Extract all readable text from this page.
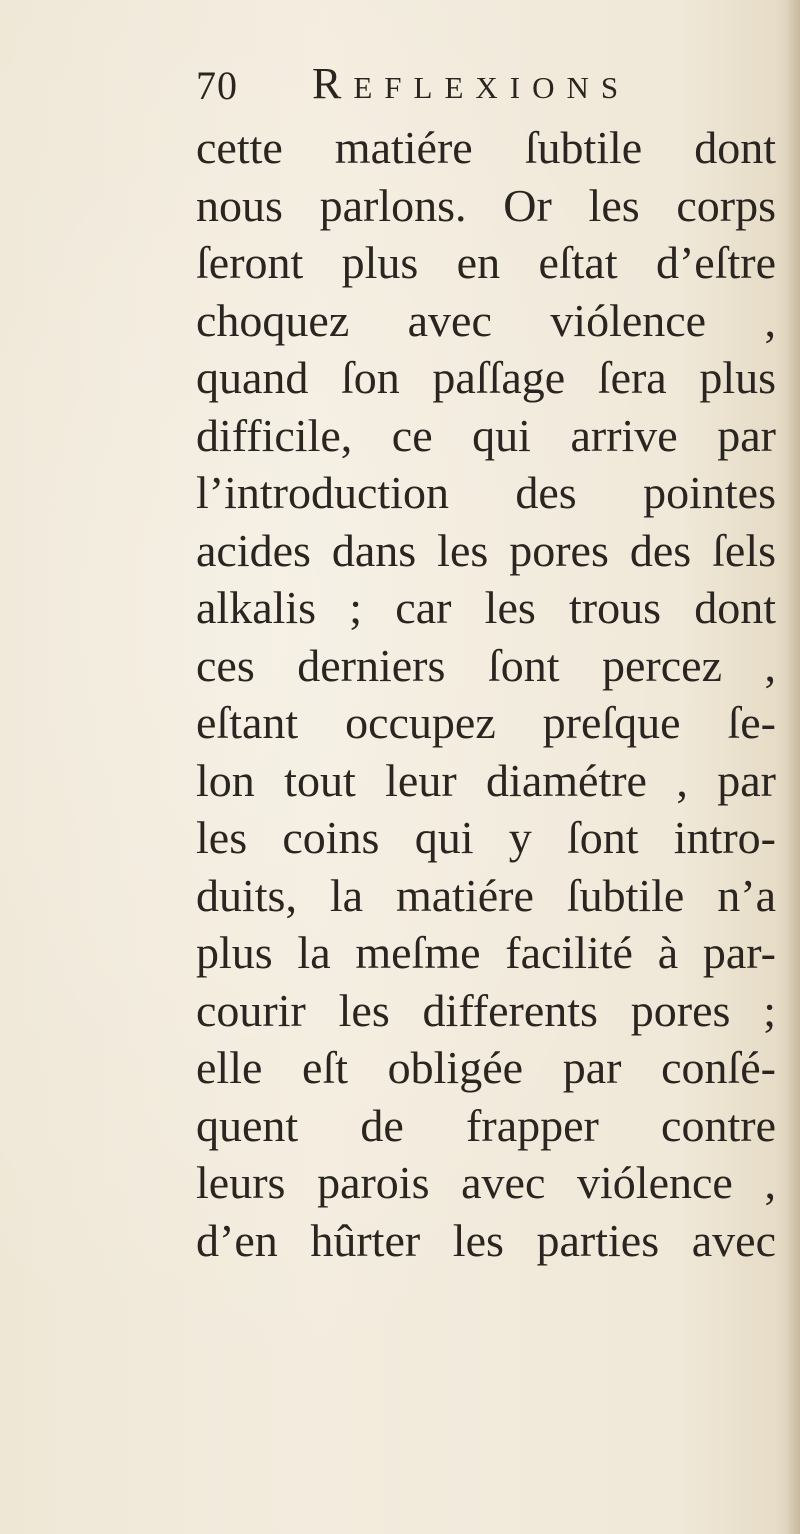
70 Reflexions
cette matiére ſubtile dont
nous parlons. Or les corps
ſeront plus en eſtat d’eſtre
choquez avec viólence ,
quand ſon paſſage ſera plus
difficile, ce qui arrive par
l’introduction des pointes
acides dans les pores des ſels
alkalis ; car les trous dont
ces derniers ſont percez ,
eſtant occupez preſque ſe-
lon tout leur diamétre , par
les coins qui y ſont intro-
duits, la matiére ſubtile n’a
plus la meſme facilité à par-
courir les differents pores ;
elle eſt obligée par conſé-
quent de frapper contre
leurs parois avec viólence ,
d’en hûrter les parties avec
